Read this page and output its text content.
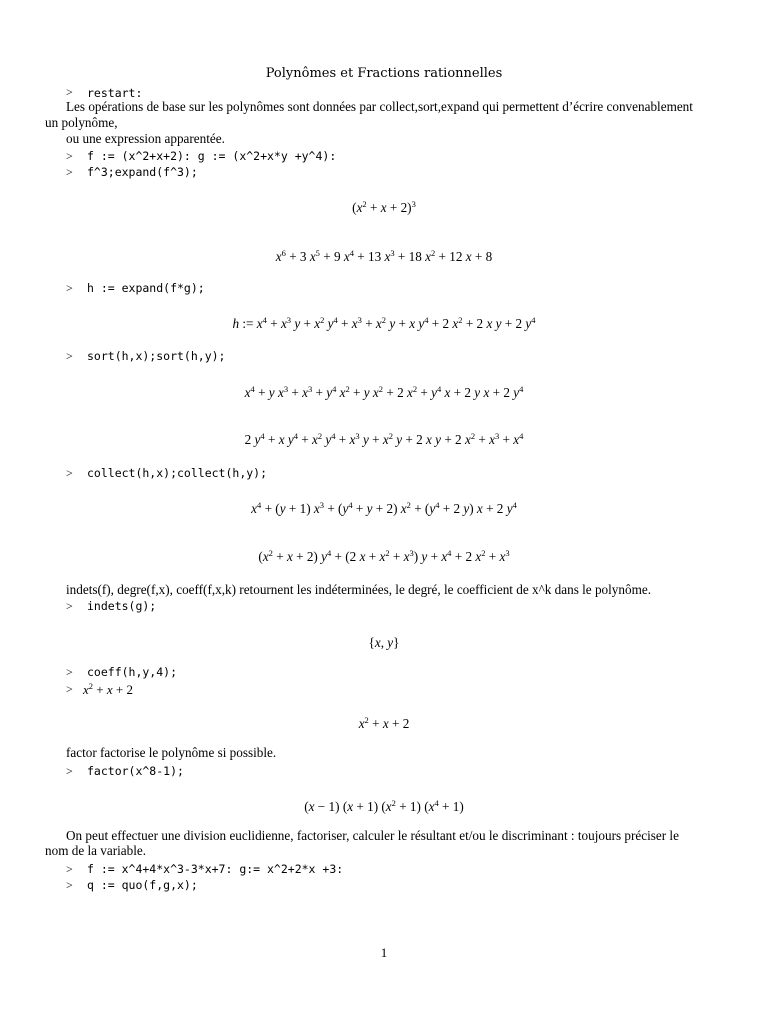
Polynômes et Fractions rationnelles
> restart:
Les opérations de base sur les polynômes sont données par collect,sort,expand qui permettent d’écrire convenablement
un polynôme,
ou une expression apparentée.
> f := (x^2+x+2): g := (x^2+x*y +y^4):
> f^3;expand(f^3);
$(x^2 + x + 2)^3$
$x^6 + 3$ $x^5 + 9$ $x^4 + 13$ $x^3 + 18$ $x^2 + 12$ x + 8
> h := expand(f*g);
h := $x^4 + x^3$ $y + x^2$ $y^4 + x^3 + x^2$ y + x $y^4 + 2$ $x^2 + 2$ x y + 2 $y^4$
> sort(h,x);sort(h,y);
$x^4 + y$ $x^3 + x^3 + y^4$ $x^2 + y$ $x^2 + 2$ $x^2 + y^4$ x + 2 y x + 2 $y^4$
2 $y^4 + x$ $y^4 + x^2$ $y^4 + x^3$ $y + x^2$ y + 2 x y + 2 $x^2 + x^3 + x^4$
> collect(h,x);collect(h,y);
$x^4 + (y + 1) x^3 + (y^4 + y + 2) x^2 + (y^4 + 2$ y) x + 2 $y^4$
$(x^2 + x + 2) y^4 + (2$ $x + x^2 + x^3$) $y + x^4 + 2$ $x^2 + x^3$
indets(f), degre(f,x), coeff(f,x,k) retournent les indéterminées, le degré, le coefficient de x^k dans le polynôme.
> indets(g);
{x, y}
> coeff(h,y,4);
> $x^2 + x + 2$
$x^2 + x + 2$
factor factorise le polynôme si possible.
> factor(x^8-1);
(x − 1) (x + 1) $(x^2 + 1) (x^4 + 1)$
On peut effectuer une division euclidienne, factoriser, calculer le résultant et/ou le discriminant : toujours préciser le
nom de la variable.
> f := x^4+4*x^3-3*x+7: g:= x^2+2*x +3:
> q := quo(f,g,x);
1
